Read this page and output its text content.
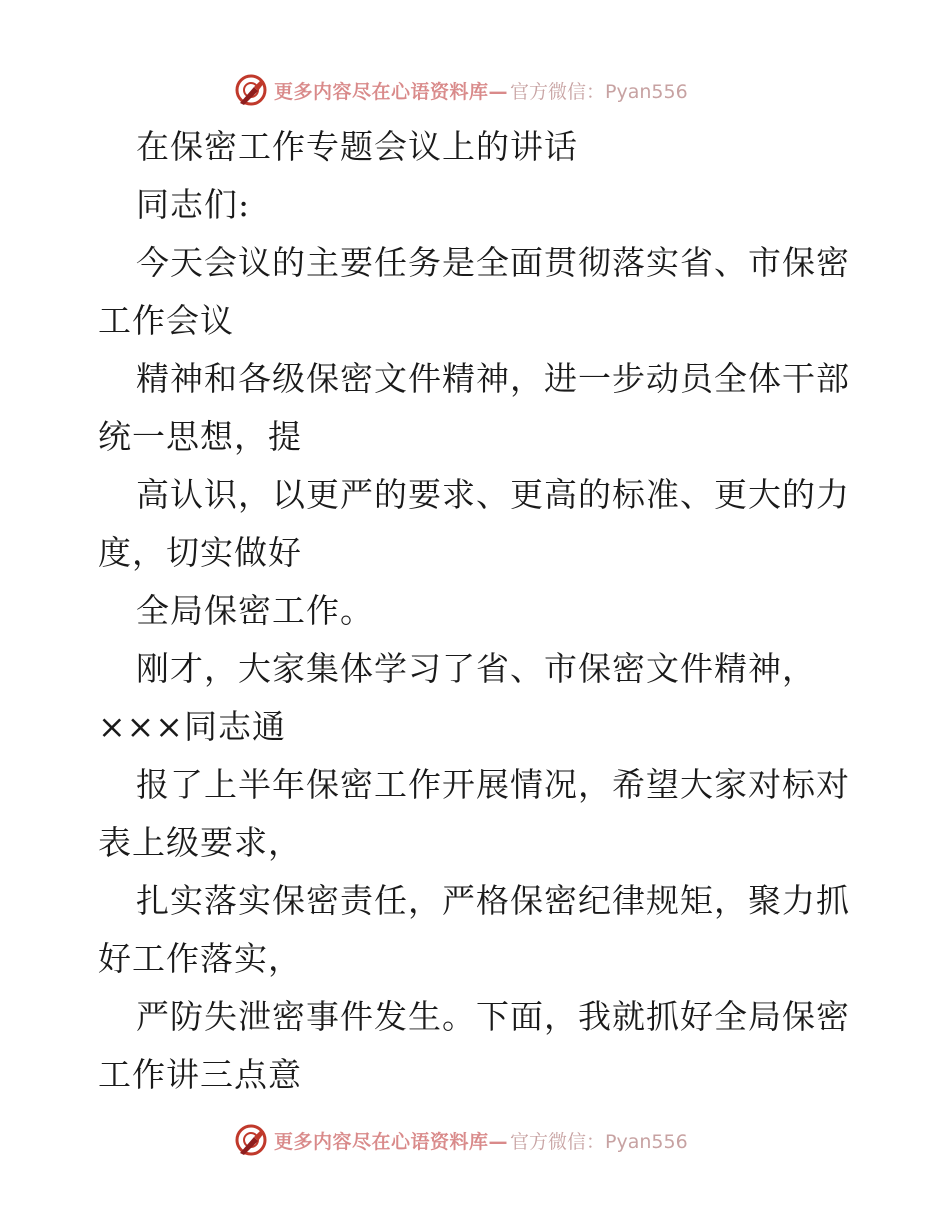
更多内容尽在心语资料库— 官方微信：Pyan556
在保密工作专题会议上的讲话
同志们:
今天会议的主要任务是全面贯彻落实省、市保密
工作会议
精神和各级保密文件精神，进一步动员全体干部
统一思想，提
高认识，以更严的要求、更高的标准、更大的力
度，切实做好
全局保密工作。
刚才，大家集体学习了省、市保密文件精神，
×××同志通
报了上半年保密工作开展情况，希望大家对标对
表上级要求，
扎实落实保密责任，严格保密纪律规矩，聚力抓
好工作落实，
严防失泄密事件发生。下面，我就抓好全局保密
工作讲三点意
更多内容尽在心语资料库— 官方微信：Pyan556
